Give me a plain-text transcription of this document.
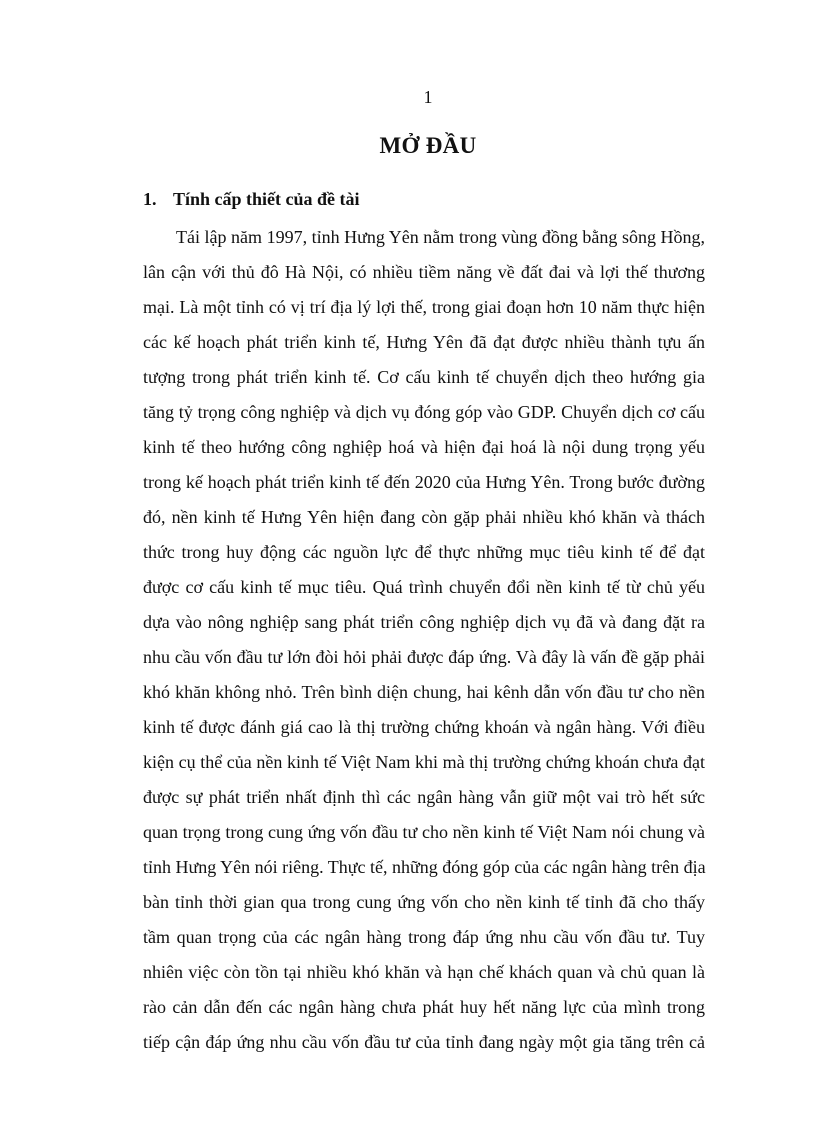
1
MỞ ĐẦU
1. Tính cấp thiết của đề tài
Tái lập năm 1997, tỉnh Hưng Yên nằm trong vùng đồng bằng sông Hồng,
lân cận với thủ đô Hà Nội, có nhiều tiềm năng về đất đai và lợi thế thương
mại. Là một tỉnh có vị trí địa lý lợi thế, trong giai đoạn hơn 10 năm thực hiện
các kế hoạch phát triển kinh tế, Hưng Yên đã đạt được nhiều thành tựu ấn
tượng trong phát triển kinh tế. Cơ cấu kinh tế chuyển dịch theo hướng gia
tăng tỷ trọng công nghiệp và dịch vụ đóng góp vào GDP. Chuyển dịch cơ cấu
kinh tế theo hướng công nghiệp hoá và hiện đại hoá là nội dung trọng yếu
trong kế hoạch phát triển kinh tế đến 2020 của Hưng Yên. Trong bước đường
đó, nền kinh tế Hưng Yên hiện đang còn gặp phải nhiều khó khăn và thách
thức trong huy động các nguồn lực để thực những mục tiêu kinh tế để đạt
được cơ cấu kinh tế mục tiêu. Quá trình chuyển đổi nền kinh tế từ chủ yếu
dựa vào nông nghiệp sang phát triển công nghiệp dịch vụ đã và đang đặt ra
nhu cầu vốn đầu tư lớn đòi hỏi phải được đáp ứng. Và đây là vấn đề gặp phải
khó khăn không nhỏ. Trên bình diện chung, hai kênh dẫn vốn đầu tư cho nền
kinh tế được đánh giá cao là thị trường chứng khoán và ngân hàng. Với điều
kiện cụ thể của nền kinh tế Việt Nam khi mà thị trường chứng khoán chưa đạt
được sự phát triển nhất định thì các ngân hàng vẫn giữ một vai trò hết sức
quan trọng trong cung ứng vốn đầu tư cho nền kinh tế Việt Nam nói chung và
tỉnh Hưng Yên nói riêng. Thực tế, những đóng góp của các ngân hàng trên địa
bàn tỉnh thời gian qua trong cung ứng vốn cho nền kinh tế tỉnh đã cho thấy
tầm quan trọng của các ngân hàng trong đáp ứng nhu cầu vốn đầu tư. Tuy
nhiên việc còn tồn tại nhiều khó khăn và hạn chế khách quan và chủ quan là
rào cản dẫn đến các ngân hàng chưa phát huy hết năng lực của mình trong
tiếp cận đáp ứng nhu cầu vốn đầu tư của tỉnh đang ngày một gia tăng trên cả
